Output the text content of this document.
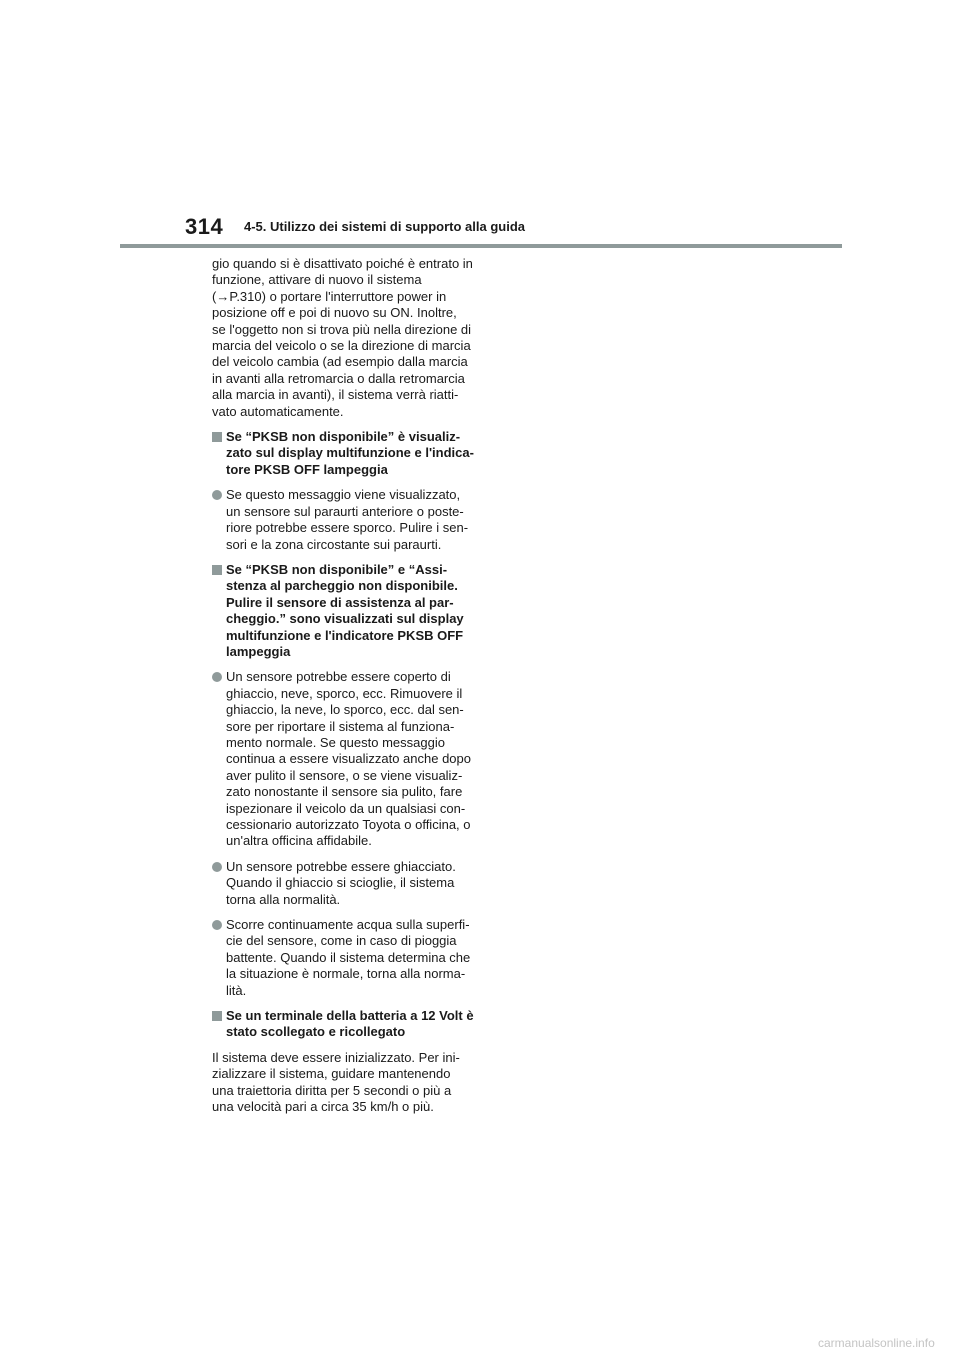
314 4-5. Utilizzo dei sistemi di supporto alla guida

gio quando si è disattivato poiché è entrato in funzione, attivare di nuovo il sistema (→P.310) o portare l'interruttore power in posizione off e poi di nuovo su ON. Inoltre, se l'oggetto non si trova più nella direzione di marcia del veicolo o se la direzione di marcia del veicolo cambia (ad esempio dalla marcia in avanti alla retromarcia o dalla retromarcia alla marcia in avanti), il sistema verrà riatti-vato automaticamente.

Se “PKSB non disponibile” è visualiz-zato sul display multifunzione e l'indica-tore PKSB OFF lampeggia
Se questo messaggio viene visualizzato, un sensore sul paraurti anteriore o poste-riore potrebbe essere sporco. Pulire i sen-sori e la zona circostante sui paraurti.
Se “PKSB non disponibile” e “Assi-stenza al parcheggio non disponibile. Pulire il sensore di assistenza al par-cheggio.” sono visualizzati sul display multifunzione e l'indicatore PKSB OFF lampeggia
Un sensore potrebbe essere coperto di ghiaccio, neve, sporco, ecc. Rimuovere il ghiaccio, la neve, lo sporco, ecc. dal sen-sore per riportare il sistema al funziona-mento normale. Se questo messaggio continua a essere visualizzato anche dopo aver pulito il sensore, o se viene visualiz-zato nonostante il sensore sia pulito, fare ispezionare il veicolo da un qualsiasi con-cessionario autorizzato Toyota o officina, o un'altra officina affidabile.
Un sensore potrebbe essere ghiacciato. Quando il ghiaccio si scioglie, il sistema torna alla normalità.
Scorre continuamente acqua sulla superfi-cie del sensore, come in caso di pioggia battente. Quando il sistema determina che la situazione è normale, torna alla norma-lità.
Se un terminale della batteria a 12 Volt è stato scollegato e ricollegato

Il sistema deve essere inizializzato. Per ini-zializzare il sistema, guidare mantenendo una traiettoria diritta per 5 secondi o più a una velocità pari a circa 35 km/h o più.

carmanualsonline.info
